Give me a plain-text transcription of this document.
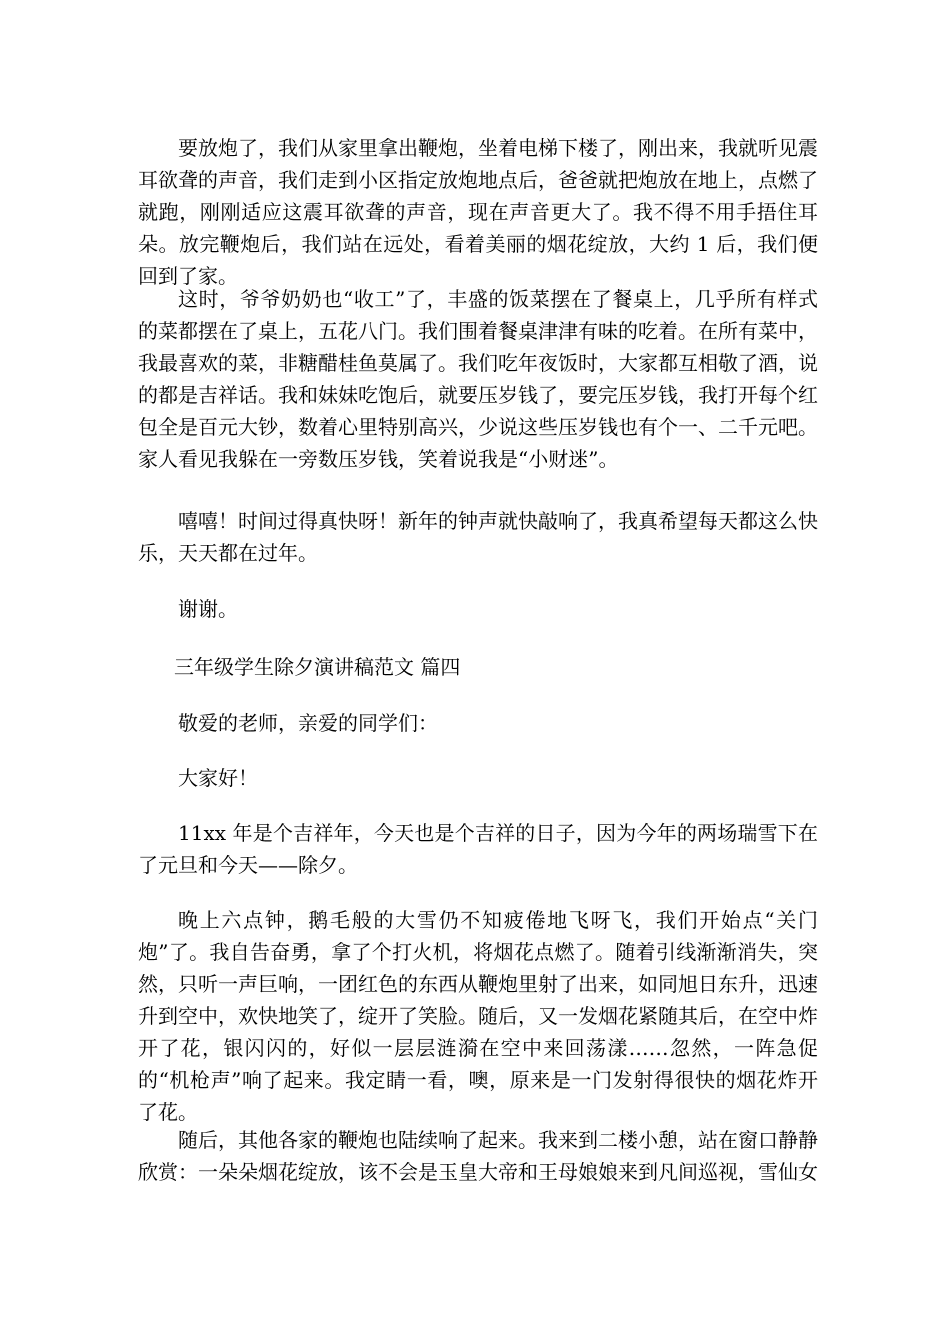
要放炮了，我们从家里拿出鞭炮，坐着电梯下楼了，刚出来，我就听见震耳欲聋的声音，我们走到小区指定放炮地点后，爸爸就把炮放在地上，点燃了就跑，刚刚适应这震耳欲聋的声音，现在声音更大了。我不得不用手捂住耳朵。放完鞭炮后，我们站在远处，看着美丽的烟花绽放，大约 1 后，我们便回到了家。

这时，爷爷奶奶也“收工”了，丰盛的饭菜摆在了餐桌上，几乎所有样式的菜都摆在了桌上，五花八门。我们围着餐桌津津有味的吃着。在所有菜中，我最喜欢的菜，非糖醋桂鱼莫属了。我们吃年夜饭时，大家都互相敬了酒，说的都是吉祥话。我和妹妹吃饱后，就要压岁钱了，要完压岁钱，我打开每个红包全是百元大钞，数着心里特别高兴，少说这些压岁钱也有个一、二千元吧。家人看见我躲在一旁数压岁钱，笑着说我是“小财迷”。

嘻嘻！时间过得真快呀！新年的钟声就快敲响了，我真希望每天都这么快乐，天天都在过年。

谢谢。

三年级学生除夕演讲稿范文 篇四

敬爱的老师，亲爱的同学们：

大家好！

11xx 年是个吉祥年，今天也是个吉祥的日子，因为今年的两场瑞雪下在了元旦和今天——除夕。

晚上六点钟，鹅毛般的大雪仍不知疲倦地飞呀飞，我们开始点“关门炮”了。我自告奋勇，拿了个打火机，将烟花点燃了。随着引线渐渐消失，突然，只听一声巨响，一团红色的东西从鞭炮里射了出来，如同旭日东升，迅速升到空中，欢快地笑了，绽开了笑脸。随后，又一发烟花紧随其后，在空中炸开了花，银闪闪的，好似一层层涟漪在空中来回荡漾……忽然，一阵急促的“机枪声”响了起来。我定睛一看，噢，原来是一门发射得很快的烟花炸开了花。

随后，其他各家的鞭炮也陆续响了起来。我来到二楼小憩，站在窗口静静欣赏：一朵朵烟花绽放，该不会是玉皇大帝和王母娘娘来到凡间巡视，雪仙女
